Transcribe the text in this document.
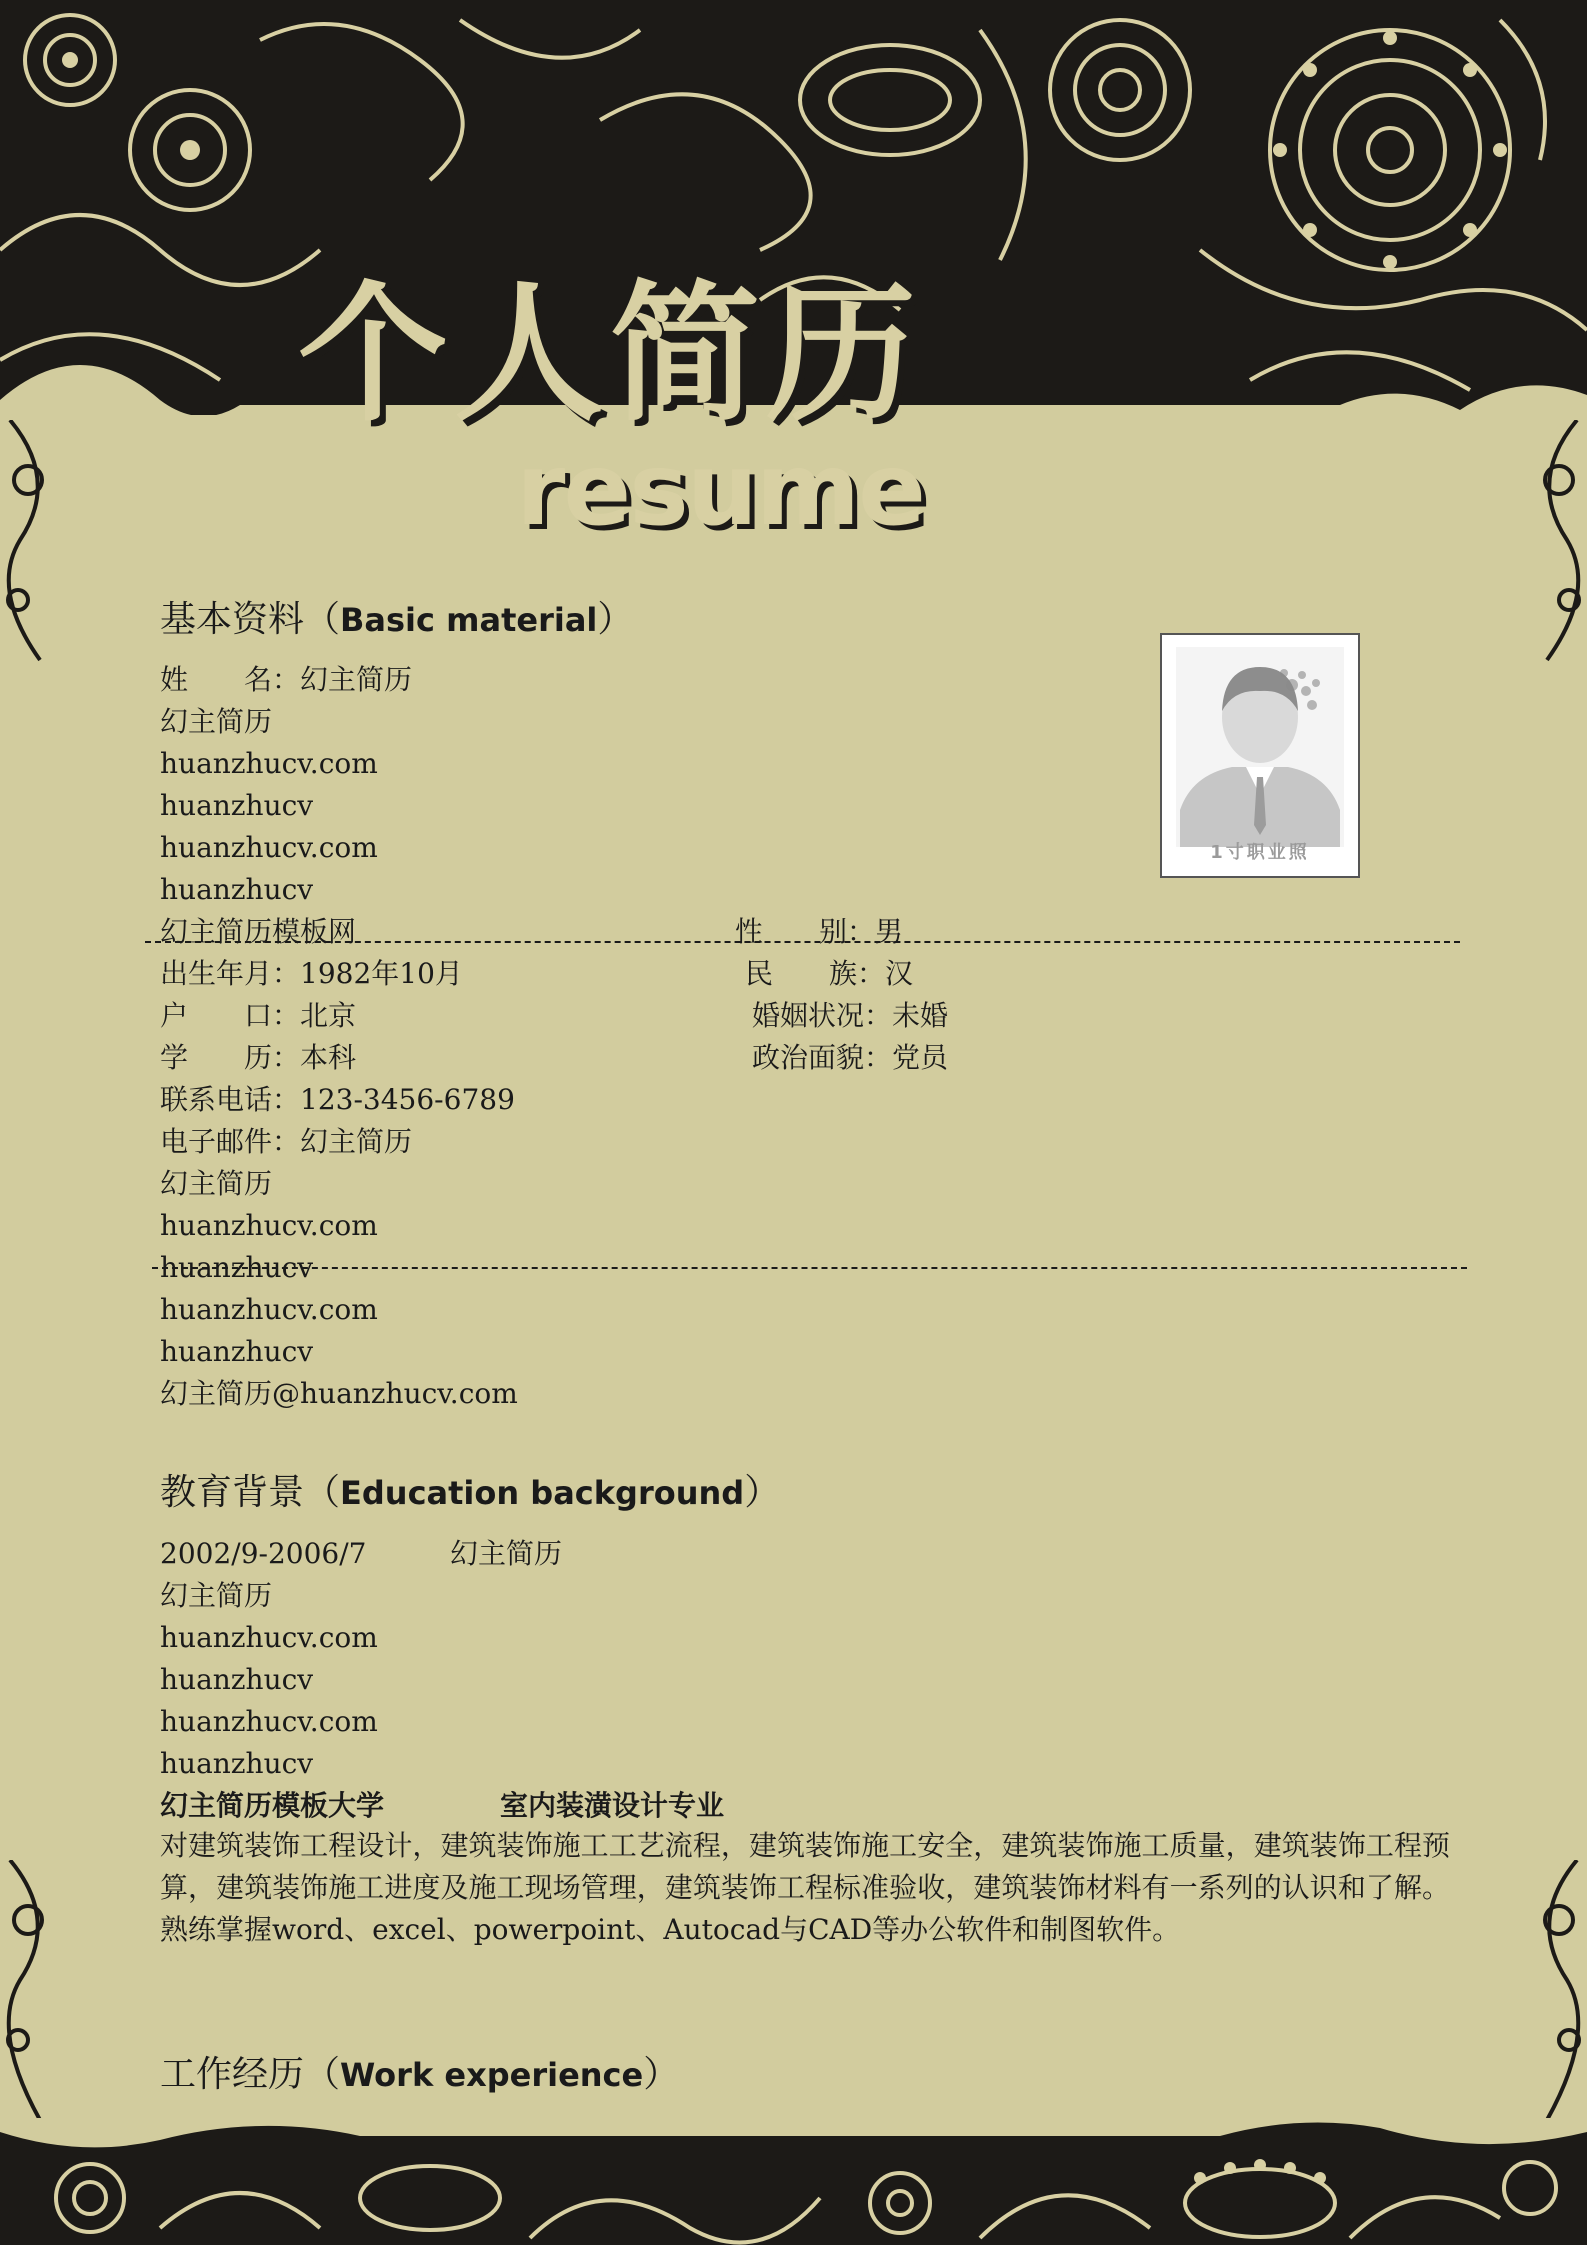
个人简历
resume
基本资料（Basic material）
姓　　名：幻主简历
幻主简历
huanzhucv.com
huanzhucv
huanzhucv.com
huanzhucv
幻主简历模板网
出生年月：1982年10月
户　　口：北京
学　　历：本科
联系电话：123-3456-6789
电子邮件：幻主简历
幻主简历
huanzhucv.com
huanzhucv
huanzhucv.com
huanzhucv
幻主简历@huanzhucv.com
性　　别：男
民　　族：汉
婚姻状况：未婚
政治面貌：党员
1寸职业照
教育背景（Education background）
2002/9-2006/7	幻主简历
幻主简历
huanzhucv.com
huanzhucv
huanzhucv.com
huanzhucv
幻主简历模板大学	室内装潢设计专业
对建筑装饰工程设计，建筑装饰施工工艺流程，建筑装饰施工安全，建筑装饰施工质量，建筑装饰工程预算，建筑装饰施工进度及施工现场管理，建筑装饰工程标准验收，建筑装饰材料有一系列的认识和了解。 熟练掌握word、excel、powerpoint、Autocad与CAD等办公软件和制图软件。
工作经历（Work experience）
